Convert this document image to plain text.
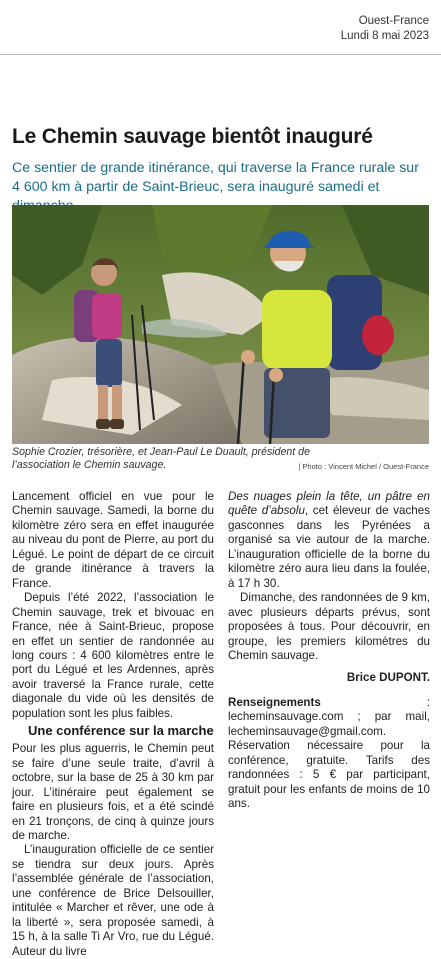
Ouest-France
Lundi 8 mai 2023
Le Chemin sauvage bientôt inauguré
Ce sentier de grande itinérance, qui traverse la France rurale sur 4 600 km à partir de Saint-Brieuc, sera inauguré samedi et
Sophie Crozier, trésorière, et Jean-Paul Le Duault, président de l’association le Chemin sauvage.	| Photo : Vincent Michel / Ouest-France

Lancement officiel en vue pour le Chemin sauvage. Samedi, la borne du kilomètre zéro sera en effet inaugurée au niveau du pont de Pierre, au port du Légué. Le point de départ de ce circuit de grande itinérance à travers la France.

Depuis l’été 2022, l’association le Chemin sauvage, trek et bivouac en France, née à Saint-Brieuc, propose en effet un sentier de randonnée au long cours : 4 600 kilomètres entre le port du Légué et les Ardennes, après avoir traversé la France rurale, cette diagonale du vide où les densités de population sont les plus faibles.

Une conférence sur la marche

Pour les plus aguerris, le Chemin peut se faire d’une seule traite, d’avril à octobre, sur la base de 25 à 30 km par jour. L’itinéraire peut également se faire en plusieurs fois, et a été scindé en 21 tronçons, de cinq à quinze jours de marche.

L’inauguration officielle de ce sentier se tiendra sur deux jours. Après l’assemblée générale de l’association, une conférence de Brice Delsouiller, intitulée « Marcher et rêver, une ode à la liberté », sera proposée samedi, à 15 h, à la salle Ti Ar Vro, rue du Légué. Auteur du livre

Des nuages plein la tête, un pâtre en quête d’absolu, cet éleveur de vaches gasconnes dans les Pyrénées a organisé sa vie autour de la marche. L’inauguration officielle de la borne du kilomètre zéro aura lieu dans la foulée, à 17 h 30.

Dimanche, des randonnées de 9 km, avec plusieurs départs prévus, sont proposées à tous. Pour découvrir, en groupe, les premiers kilomètres du Chemin sauvage.

Brice DUPONT.

Renseignements : lecheminsauvage.com ; par mail, lecheminsauvage@gmail.com. Réservation nécessaire pour la conférence, gratuite. Tarifs des randonnées : 5 € par participant, gratuit pour les enfants de moins de 10 ans.
